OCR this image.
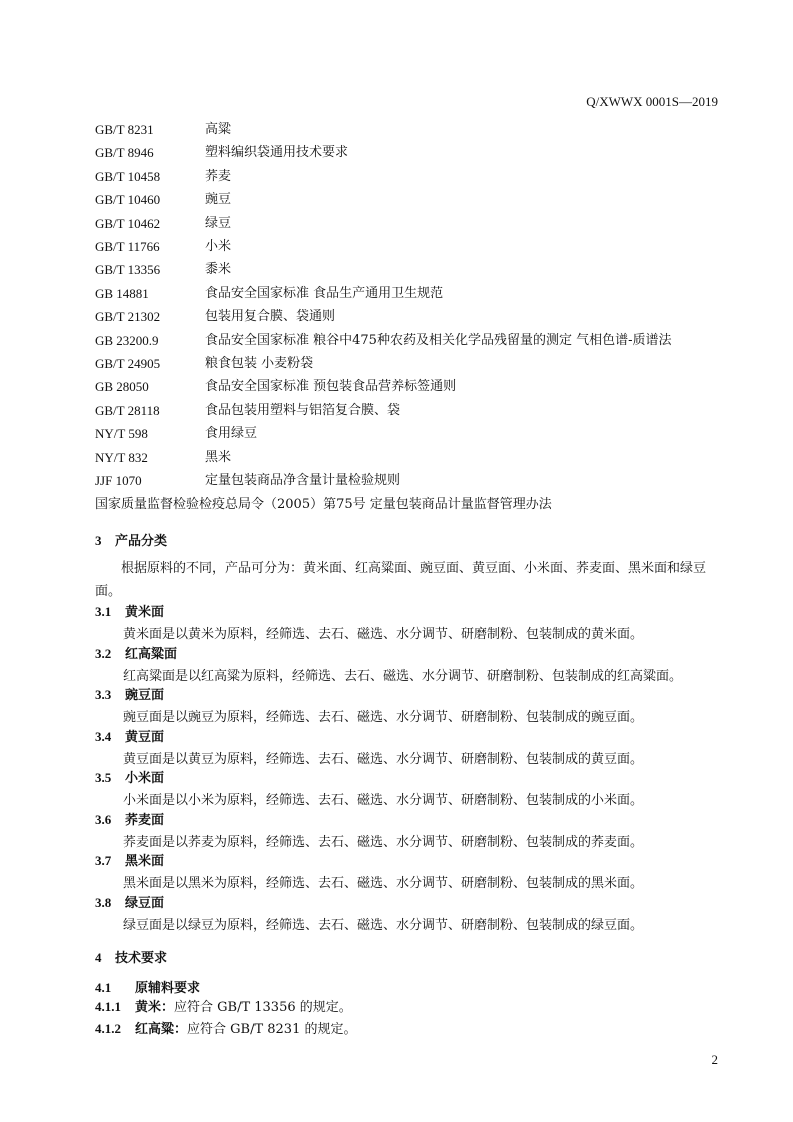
Q/XWWX 0001S—2019
GB/T 8231	高粱
GB/T 8946	塑料编织袋通用技术要求
GB/T 10458	荞麦
GB/T 10460	豌豆
GB/T 10462	绿豆
GB/T 11766	小米
GB/T 13356	黍米
GB 14881	食品安全国家标准 食品生产通用卫生规范
GB/T 21302	包装用复合膜、袋通则
GB 23200.9	食品安全国家标准 粮谷中475种农药及相关化学品残留量的测定 气相色谱-质谱法
GB/T 24905	粮食包装 小麦粉袋
GB 28050	食品安全国家标准 预包装食品营养标签通则
GB/T 28118	食品包装用塑料与铝箔复合膜、袋
NY/T 598	食用绿豆
NY/T 832	黑米
JJF 1070	定量包装商品净含量计量检验规则
国家质量监督检验检疫总局令（2005）第75号 定量包装商品计量监督管理办法
3 产品分类
根据原料的不同，产品可分为：黄米面、红高粱面、豌豆面、黄豆面、小米面、荞麦面、黑米面和绿豆面。
3.1 黄米面
黄米面是以黄米为原料，经筛选、去石、磁选、水分调节、研磨制粉、包装制成的黄米面。
3.2 红高粱面
红高粱面是以红高粱为原料，经筛选、去石、磁选、水分调节、研磨制粉、包装制成的红高粱面。
3.3 豌豆面
豌豆面是以豌豆为原料，经筛选、去石、磁选、水分调节、研磨制粉、包装制成的豌豆面。
3.4 黄豆面
黄豆面是以黄豆为原料，经筛选、去石、磁选、水分调节、研磨制粉、包装制成的黄豆面。
3.5 小米面
小米面是以小米为原料，经筛选、去石、磁选、水分调节、研磨制粉、包装制成的小米面。
3.6 荞麦面
荞麦面是以荞麦为原料，经筛选、去石、磁选、水分调节、研磨制粉、包装制成的荞麦面。
3.7 黑米面
黑米面是以黑米为原料，经筛选、去石、磁选、水分调节、研磨制粉、包装制成的黑米面。
3.8 绿豆面
绿豆面是以绿豆为原料，经筛选、去石、磁选、水分调节、研磨制粉、包装制成的绿豆面。
4 技术要求
4.1 原辅料要求
4.1.1 黄米：应符合 GB/T 13356 的规定。
4.1.2 红高粱：应符合 GB/T 8231 的规定。
2
